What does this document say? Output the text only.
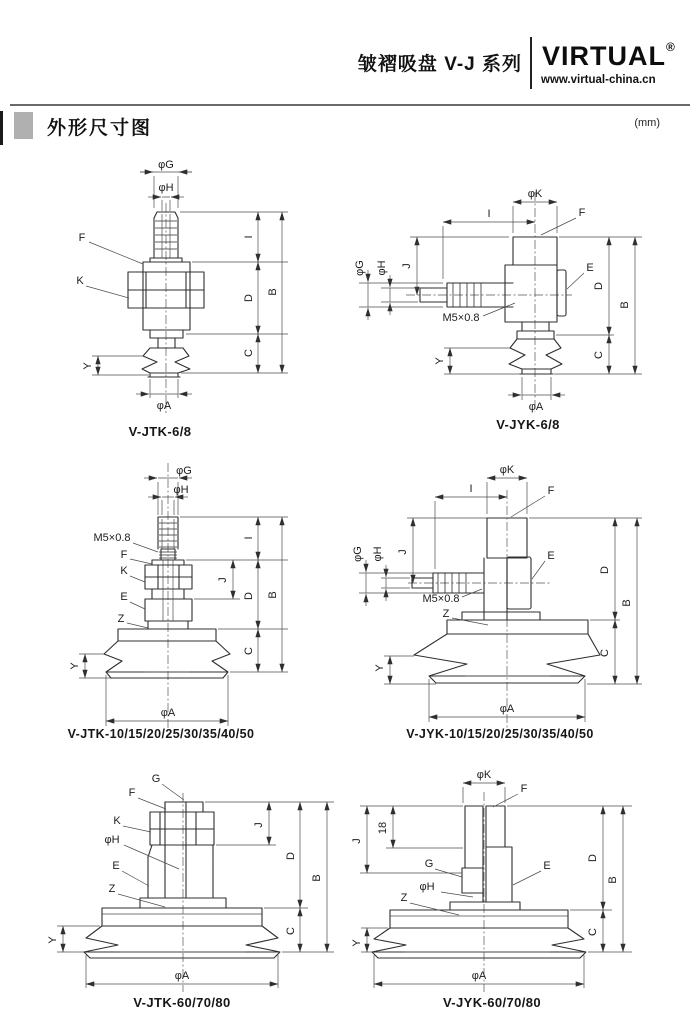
皱褶吸盘 V-J 系列 VIRTUAL®
www.virtual-china.cn
外形尺寸图	(mm)
φG
φH
F
K
I
D
C
B
Y
φA
V-JTK-6/8
φK
F
I
J
φG φH
M5×0.8
E
D
C
B
Y
φA
V-JYK-6/8
φG
φH
M5×0.8
F
K
E
Z
Y
φA
J
I
D
C
B
V-JTK-10/15/20/25/30/35/40/50
φK
F
I
J
φG φH
M5×0.8
Z
E
Y
φA
D
C
B
V-JYK-10/15/20/25/30/35/40/50
G
F
K
φH
E
Z
Y
φA
J
D
C
B
V-JTK-60/70/80
φK
F
J
18
G
φH
Z
E
Y
φA
D
C
B
V-JYK-60/70/80
